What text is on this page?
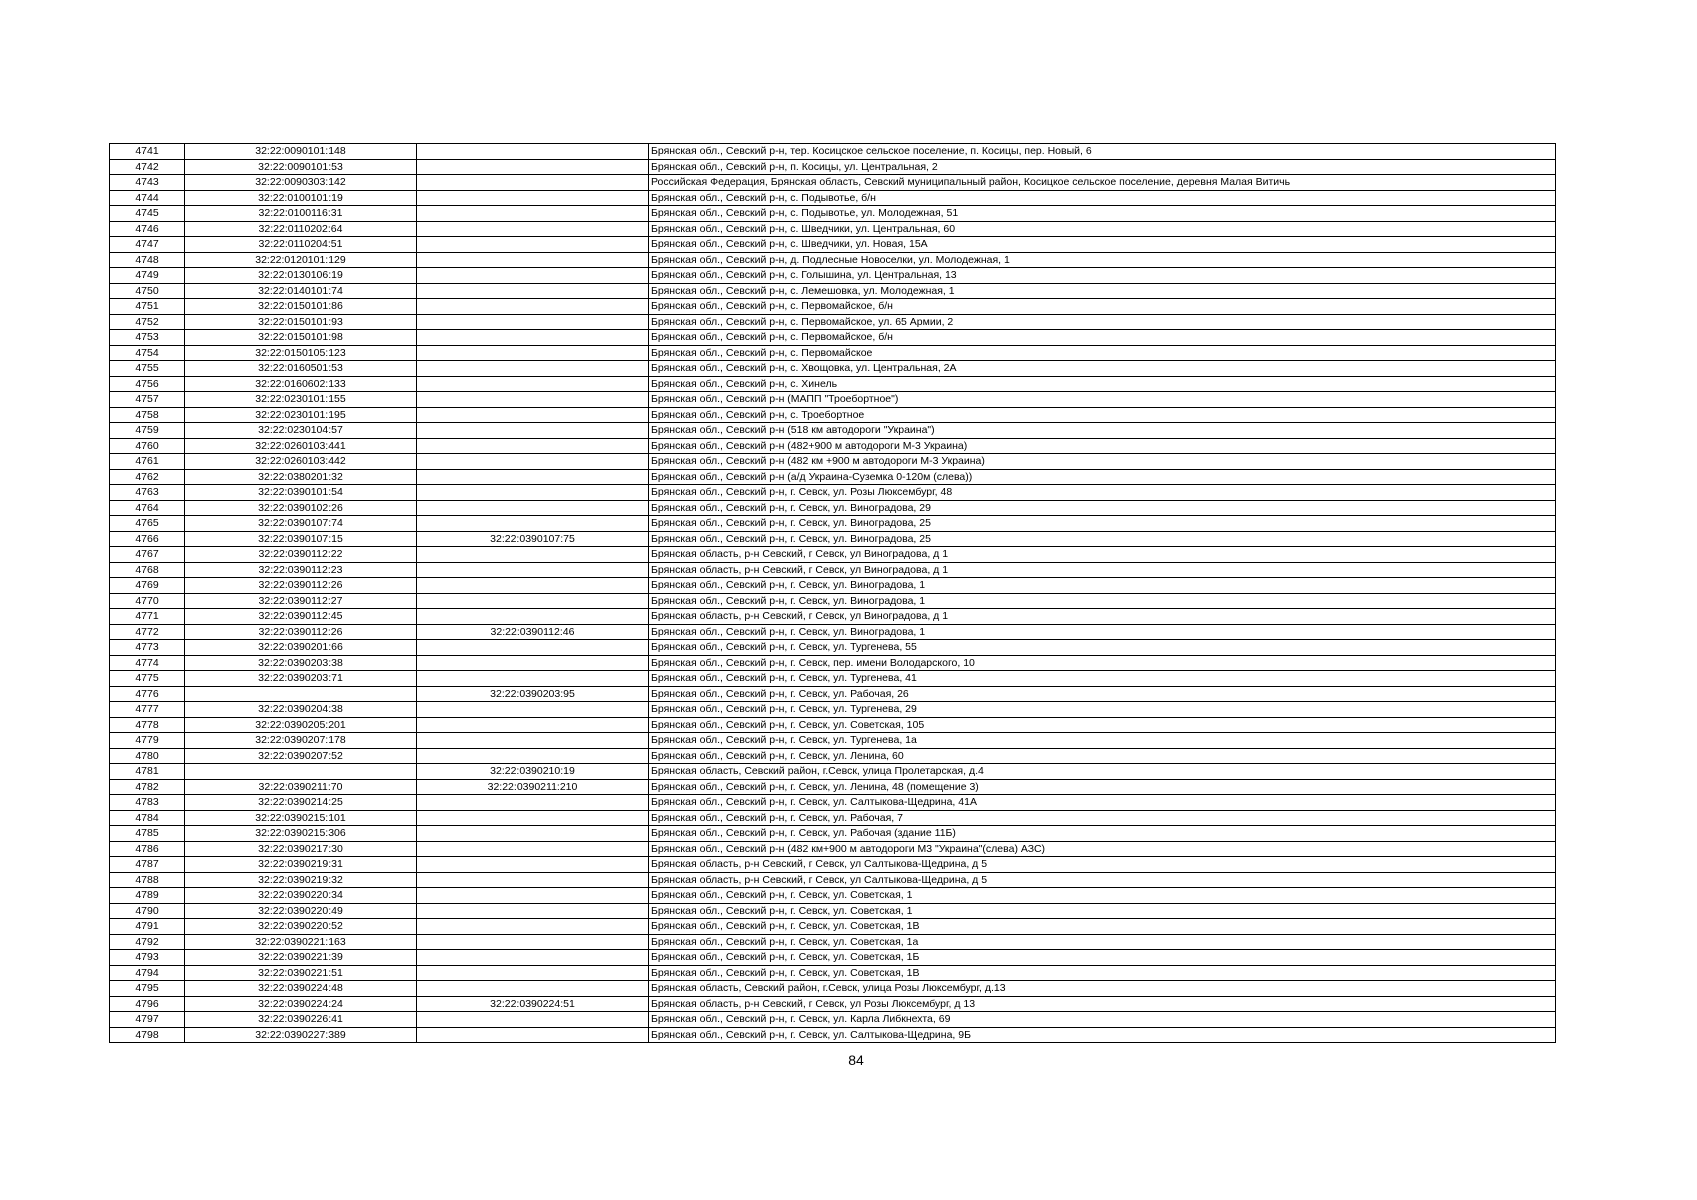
4741	32:22:0090101:148		Брянская обл., Севский р-н, тер. Косицское сельское поселение, п. Косицы, пер. Новый, 6
4742	32:22:0090101:53		Брянская обл., Севский р-н, п. Косицы, ул. Центральная, 2
4743	32:22:0090303:142		Российская Федерация, Брянская область, Севский муниципальный район, Косицкое сельское поселение, деревня Малая Витичь
4744	32:22:0100101:19		Брянская обл., Севский р-н, с. Подывотье, б/н
4745	32:22:0100116:31		Брянская обл., Севский р-н, с. Подывотье, ул. Молодежная, 51
4746	32:22:0110202:64		Брянская обл., Севский р-н, с. Шведчики, ул. Центральная, 60
4747	32:22:0110204:51		Брянская обл., Севский р-н, с. Шведчики, ул. Новая, 15А
4748	32:22:0120101:129		Брянская обл., Севский р-н, д. Подлесные Новоселки, ул. Молодежная, 1
4749	32:22:0130106:19		Брянская обл., Севский р-н, с. Голышина, ул. Центральная, 13
4750	32:22:0140101:74		Брянская обл., Севский р-н, с. Лемешовка, ул. Молодежная, 1
4751	32:22:0150101:86		Брянская обл., Севский р-н, с. Первомайское, б/н
4752	32:22:0150101:93		Брянская обл., Севский р-н, с. Первомайское, ул. 65 Армии, 2
4753	32:22:0150101:98		Брянская обл., Севский р-н, с. Первомайское, б/н
4754	32:22:0150105:123		Брянская обл., Севский р-н, с. Первомайское
4755	32:22:0160501:53		Брянская обл., Севский р-н, с. Хвощовка, ул. Центральная, 2А
4756	32:22:0160602:133		Брянская обл., Севский р-н, с. Хинель
4757	32:22:0230101:155		Брянская обл., Севский р-н (МАПП "Троебортное")
4758	32:22:0230101:195		Брянская обл., Севский р-н, с. Троебортное
4759	32:22:0230104:57		Брянская обл., Севский р-н (518 км автодороги "Украина")
4760	32:22:0260103:441		Брянская обл., Севский р-н (482+900 м автодороги М-3 Украина)
4761	32:22:0260103:442		Брянская обл., Севский р-н (482 км +900 м автодороги М-3 Украина)
4762	32:22:0380201:32		Брянская обл., Севский р-н (а/д Украина-Суземка 0-120м (слева))
4763	32:22:0390101:54		Брянская обл., Севский р-н, г. Севск, ул. Розы Люксембург, 48
4764	32:22:0390102:26		Брянская обл., Севский р-н, г. Севск, ул. Виноградова, 29
4765	32:22:0390107:74		Брянская обл., Севский р-н, г. Севск, ул. Виноградова, 25
4766	32:22:0390107:15	32:22:0390107:75	Брянская обл., Севский р-н, г. Севск, ул. Виноградова, 25
4767	32:22:0390112:22		Брянская область, р-н Севский, г Севск, ул Виноградова, д 1
4768	32:22:0390112:23		Брянская область, р-н Севский, г Севск, ул Виноградова, д 1
4769	32:22:0390112:26		Брянская обл., Севский р-н, г. Севск, ул. Виноградова, 1
4770	32:22:0390112:27		Брянская обл., Севский р-н, г. Севск, ул. Виноградова, 1
4771	32:22:0390112:45		Брянская область, р-н Севский, г Севск, ул Виноградова, д 1
4772	32:22:0390112:26	32:22:0390112:46	Брянская обл., Севский р-н, г. Севск, ул. Виноградова, 1
4773	32:22:0390201:66		Брянская обл., Севский р-н, г. Севск, ул. Тургенева, 55
4774	32:22:0390203:38		Брянская обл., Севский р-н, г. Севск, пер. имени Володарского, 10
4775	32:22:0390203:71		Брянская обл., Севский р-н, г. Севск, ул. Тургенева, 41
4776		32:22:0390203:95	Брянская обл., Севский р-н, г. Севск, ул. Рабочая, 26
4777	32:22:0390204:38		Брянская обл., Севский р-н, г. Севск, ул. Тургенева, 29
4778	32:22:0390205:201		Брянская обл., Севский р-н, г. Севск, ул. Советская, 105
4779	32:22:0390207:178		Брянская обл., Севский р-н, г. Севск, ул. Тургенева, 1а
4780	32:22:0390207:52		Брянская обл., Севский р-н, г. Севск, ул. Ленина, 60
4781		32:22:0390210:19	Брянская область, Севский район, г.Севск, улица Пролетарская, д.4
4782	32:22:0390211:70	32:22:0390211:210	Брянская обл., Севский р-н, г. Севск, ул. Ленина, 48 (помещение 3)
4783	32:22:0390214:25		Брянская обл., Севский р-н, г. Севск, ул. Салтыкова-Щедрина, 41А
4784	32:22:0390215:101		Брянская обл., Севский р-н, г. Севск, ул. Рабочая, 7
4785	32:22:0390215:306		Брянская обл., Севский р-н, г. Севск, ул. Рабочая (здание 11Б)
4786	32:22:0390217:30		Брянская обл., Севский р-н (482 км+900 м автодороги М3 "Украина"(слева) АЗС)
4787	32:22:0390219:31		Брянская область, р-н Севский, г Севск, ул Салтыкова-Щедрина, д 5
4788	32:22:0390219:32		Брянская область, р-н Севский, г Севск, ул Салтыкова-Щедрина, д 5
4789	32:22:0390220:34		Брянская обл., Севский р-н, г. Севск, ул. Советская, 1
4790	32:22:0390220:49		Брянская обл., Севский р-н, г. Севск, ул. Советская, 1
4791	32:22:0390220:52		Брянская обл., Севский р-н, г. Севск, ул. Советская, 1В
4792	32:22:0390221:163		Брянская обл., Севский р-н, г. Севск, ул. Советская, 1а
4793	32:22:0390221:39		Брянская обл., Севский р-н, г. Севск, ул. Советская, 1Б
4794	32:22:0390221:51		Брянская обл., Севский р-н, г. Севск, ул. Советская, 1В
4795	32:22:0390224:48		Брянская область, Севский район, г.Севск, улица Розы Люксембург, д.13
4796	32:22:0390224:24	32:22:0390224:51	Брянская область, р-н Севский, г Севск, ул Розы Люксембург, д 13
4797	32:22:0390226:41		Брянская обл., Севский р-н, г. Севск, ул. Карла Либкнехта, 69
4798	32:22:0390227:389		Брянская обл., Севский р-н, г. Севск, ул. Салтыкова-Щедрина, 9Б
84
